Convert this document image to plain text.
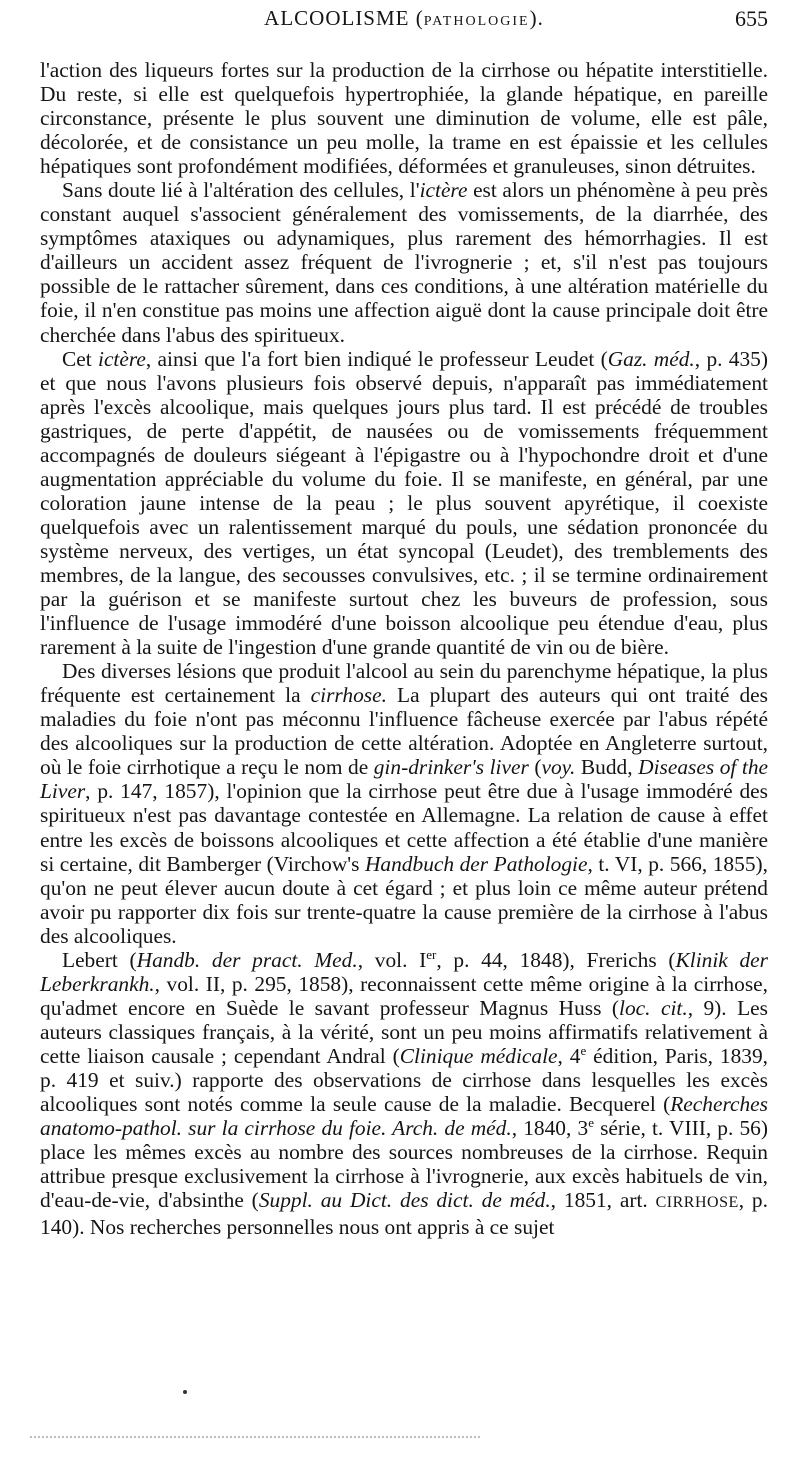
ALCOOLISME (PATHOLOGIE).	655

l'action des liqueurs fortes sur la production de la cirrhose ou hépatite interstitielle. Du reste, si elle est quelquefois hypertrophiée, la glande hépatique, en pareille circonstance, présente le plus souvent une diminution de volume, elle est pâle, décolorée, et de consistance un peu molle, la trame en est épaissie et les cellules hépatiques sont profondément modifiées, déformées et granuleuses, sinon détruites.

Sans doute lié à l'altération des cellules, l'ictère est alors un phénomène à peu près constant auquel s'associent généralement des vomissements, de la diarrhée, des symptômes ataxiques ou adynamiques, plus rarement des hémorrhagies. Il est d'ailleurs un accident assez fréquent de l'ivrognerie ; et, s'il n'est pas toujours possible de le rattacher sûrement, dans ces conditions, à une altération matérielle du foie, il n'en constitue pas moins une affection aiguë dont la cause principale doit être cherchée dans l'abus des spiritueux.

Cet ictère, ainsi que l'a fort bien indiqué le professeur Leudet (Gaz. méd., p. 435) et que nous l'avons plusieurs fois observé depuis, n'apparaît pas immédiatement après l'excès alcoolique, mais quelques jours plus tard. Il est précédé de troubles gastriques, de perte d'appétit, de nausées ou de vomissements fréquemment accompagnés de douleurs siégeant à l'épigastre ou à l'hypochondre droit et d'une augmentation appréciable du volume du foie. Il se manifeste, en général, par une coloration jaune intense de la peau ; le plus souvent apyrétique, il coexiste quelquefois avec un ralentissement marqué du pouls, une sédation prononcée du système nerveux, des vertiges, un état syncopal (Leudet), des tremblements des membres, de la langue, des secousses convulsives, etc. ; il se termine ordinairement par la guérison et se manifeste surtout chez les buveurs de profession, sous l'influence de l'usage immodéré d'une boisson alcoolique peu étendue d'eau, plus rarement à la suite de l'ingestion d'une grande quantité de vin ou de bière.

Des diverses lésions que produit l'alcool au sein du parenchyme hépatique, la plus fréquente est certainement la cirrhose. La plupart des auteurs qui ont traité des maladies du foie n'ont pas méconnu l'influence fâcheuse exercée par l'abus répété des alcooliques sur la production de cette altération. Adoptée en Angleterre surtout, où le foie cirrhotique a reçu le nom de gin-drinker's liver (voy. Budd, Diseases of the Liver, p. 147, 1857), l'opinion que la cirrhose peut être due à l'usage immodéré des spiritueux n'est pas davantage contestée en Allemagne. La relation de cause à effet entre les excès de boissons alcooliques et cette affection a été établie d'une manière si certaine, dit Bamberger (Virchow's Handbuch der Pathologie, t. VI, p. 566, 1855), qu'on ne peut élever aucun doute à cet égard ; et plus loin ce même auteur prétend avoir pu rapporter dix fois sur trente-quatre la cause première de la cirrhose à l'abus des alcooliques.

Lebert (Handb. der pract. Med., vol. Ier, p. 44, 1848), Frerichs (Klinik der Leberkrankh., vol. II, p. 295, 1858), reconnaissent cette même origine à la cirrhose, qu'admet encore en Suède le savant professeur Magnus Huss (loc. cit., 9). Les auteurs classiques français, à la vérité, sont un peu moins affirmatifs relativement à cette liaison causale ; cependant Andral (Clinique médicale, 4e édition, Paris, 1839, p. 419 et suiv.) rapporte des observations de cirrhose dans lesquelles les excès alcooliques sont notés comme la seule cause de la maladie. Becquerel (Recherches anatomo-pathol. sur la cirrhose du foie. Arch. de méd., 1840, 3e série, t. VIII, p. 56) place les mêmes excès au nombre des sources nombreuses de la cirrhose. Requin attribue presque exclusivement la cirrhose à l'ivrognerie, aux excès habituels de vin, d'eau-de-vie, d'absinthe (Suppl. au Dict. des dict. de méd., 1851, art. CIRRHOSE, p. 140). Nos recherches personnelles nous ont appris à ce sujet
